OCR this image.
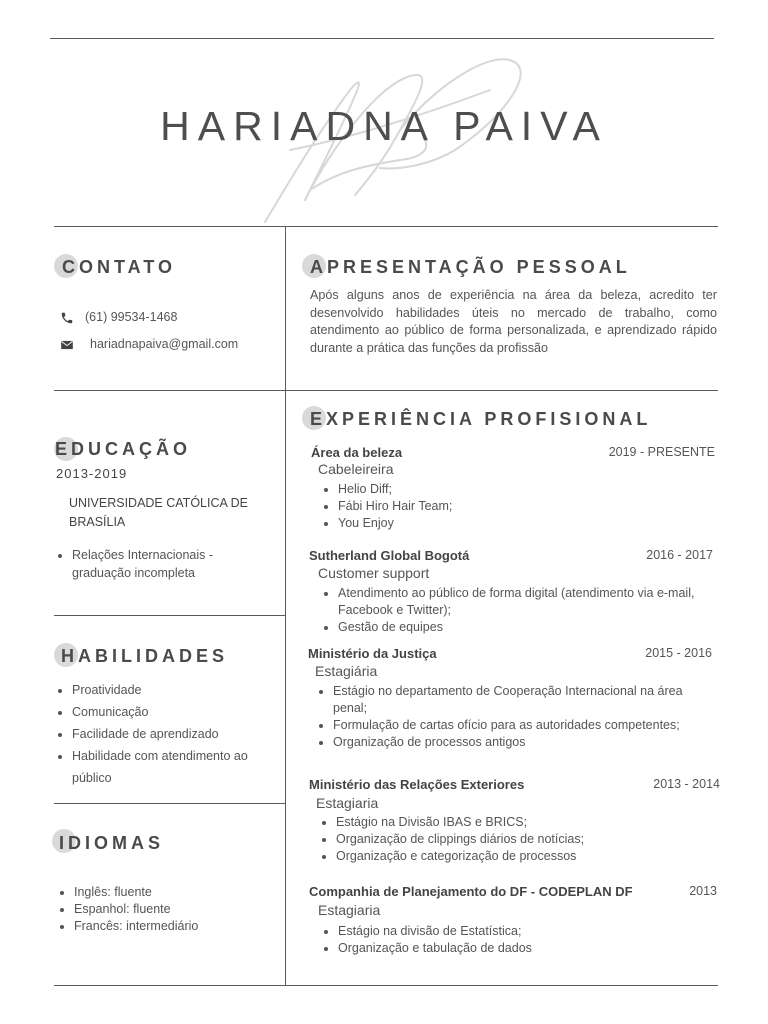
HARIADNA PAIVA
CONTATO
(61) 99534-1468
hariadnapaiva@gmail.com
APRESENTAÇÃO PESSOAL
Após alguns anos de experiência na área da beleza, acredito ter desenvolvido habilidades úteis no mercado de trabalho, como atendimento ao público de forma personalizada, e aprendizado rápido durante a prática das funções da profissão
EDUCAÇÃO
2013-2019
UNIVERSIDADE CATÓLICA DE
BRASÍLIA
• Relações Internacionais -
graduação incompleta
HABILIDADES
• Proatividade
• Comunicação
• Facilidade de aprendizado
• Habilidade com atendimento ao
público
IDIOMAS
• Inglês: fluente
• Espanhol: fluente
• Francês: intermediário
EXPERIÊNCIA PROFISIONAL
Área da beleza	2019 - PRESENTE
Cabeleireira
• Helio Diff;
• Fábi Hiro Hair Team;
• You Enjoy
Sutherland Global Bogotá	2016 - 2017
Customer support
• Atendimento ao público de forma digital (atendimento via e-mail,
Facebook e Twitter);
• Gestão de equipes
Ministério da Justiça	2015 - 2016
Estagiária
• Estágio no departamento de Cooperação Internacional na área
penal;
• Formulação de cartas ofício para as autoridades competentes;
• Organização de processos antigos
Ministério das Relações Exteriores	2013 - 2014
Estagiaria
• Estágio na Divisão IBAS e BRICS;
• Organização de clippings diários de notícias;
• Organização e categorização de processos
Companhia de Planejamento do DF - CODEPLAN DF	2013
Estagiaria
• Estágio na divisão de Estatística;
• Organização e tabulação de dados
